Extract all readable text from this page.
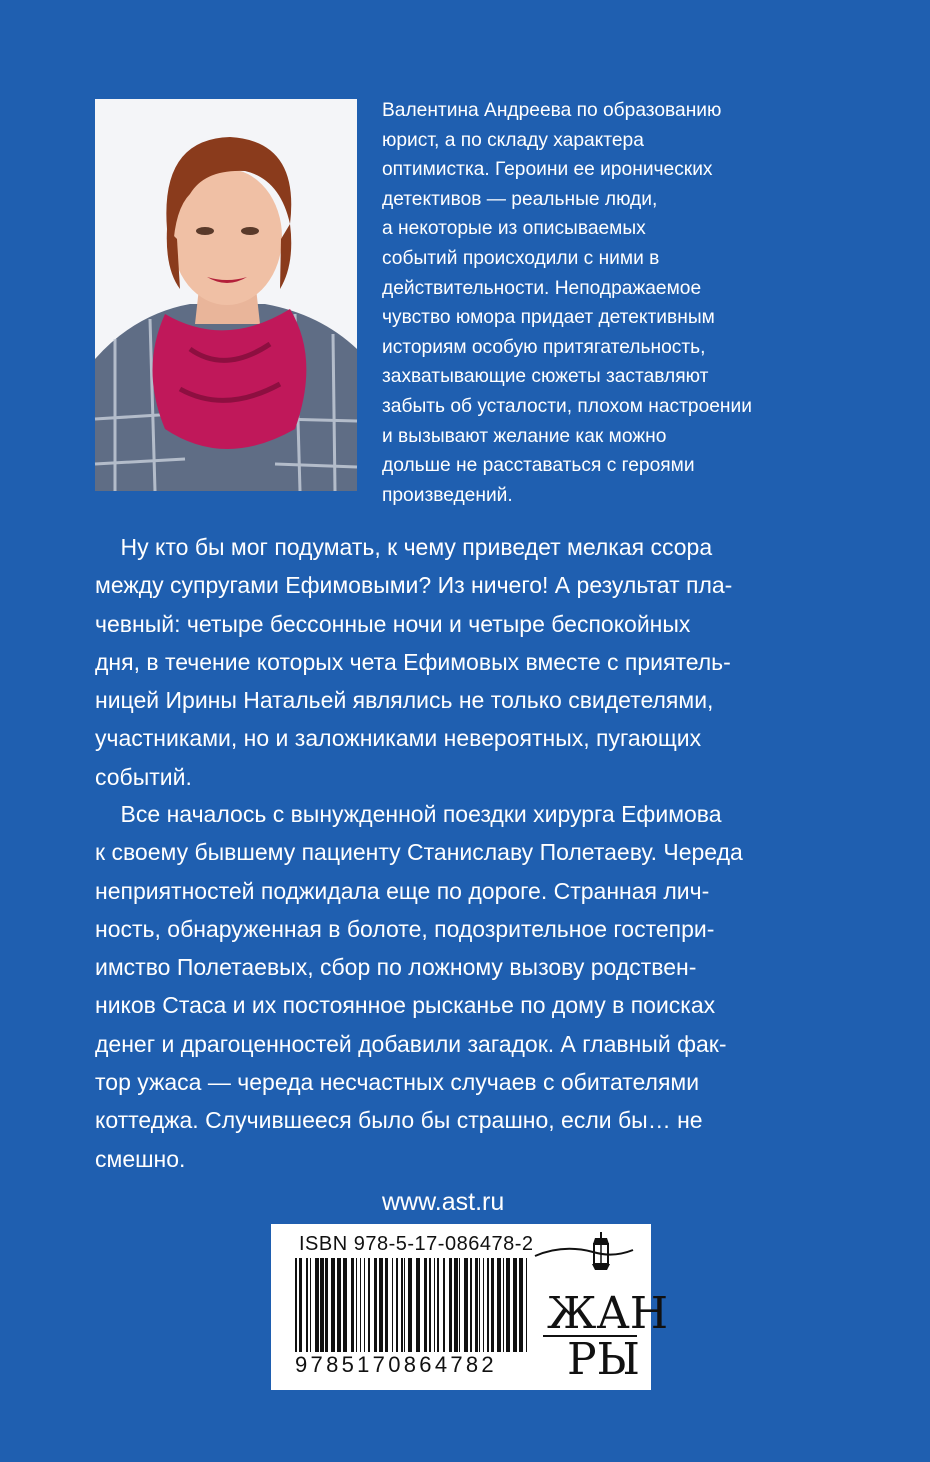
Валентина Андреева по образованию
юрист, а по складу характера
оптимистка. Героини ее иронических
детективов — реальные люди,
а некоторые из описываемых
событий происходили с ними в
действительности. Неподражаемое
чувство юмора придает детективным
историям особую притягательность,
захватывающие сюжеты заставляют
забыть об усталости, плохом настроении
и вызывают желание как можно
дольше не расставаться с героями
произведений.
Ну кто бы мог подумать, к чему приведет мелкая ссора
между супругами Ефимовыми? Из ничего! А результат пла-
чевный: четыре бессонные ночи и четыре беспокойных
дня, в течение которых чета Ефимовых вместе с приятель-
ницей Ирины Натальей являлись не только свидетелями,
участниками, но и заложниками невероятных, пугающих
событий.
Все началось с вынужденной поездки хирурга Ефимова
к своему бывшему пациенту Станиславу Полетаеву. Череда
неприятностей поджидала еще по дороге. Странная лич-
ность, обнаруженная в болоте, подозрительное гостепри-
имство Полетаевых, сбор по ложному вызову родствен-
ников Стаса и их постоянное рысканье по дому в поисках
денег и драгоценностей добавили загадок. А главный фак-
тор ужаса — череда несчастных случаев с обитателями
коттеджа. Случившееся было бы страшно, если бы… не
смешно.
www.ast.ru
ISBN 978-5-17-086478-2
9785170864782
ЖАН
РЫ
